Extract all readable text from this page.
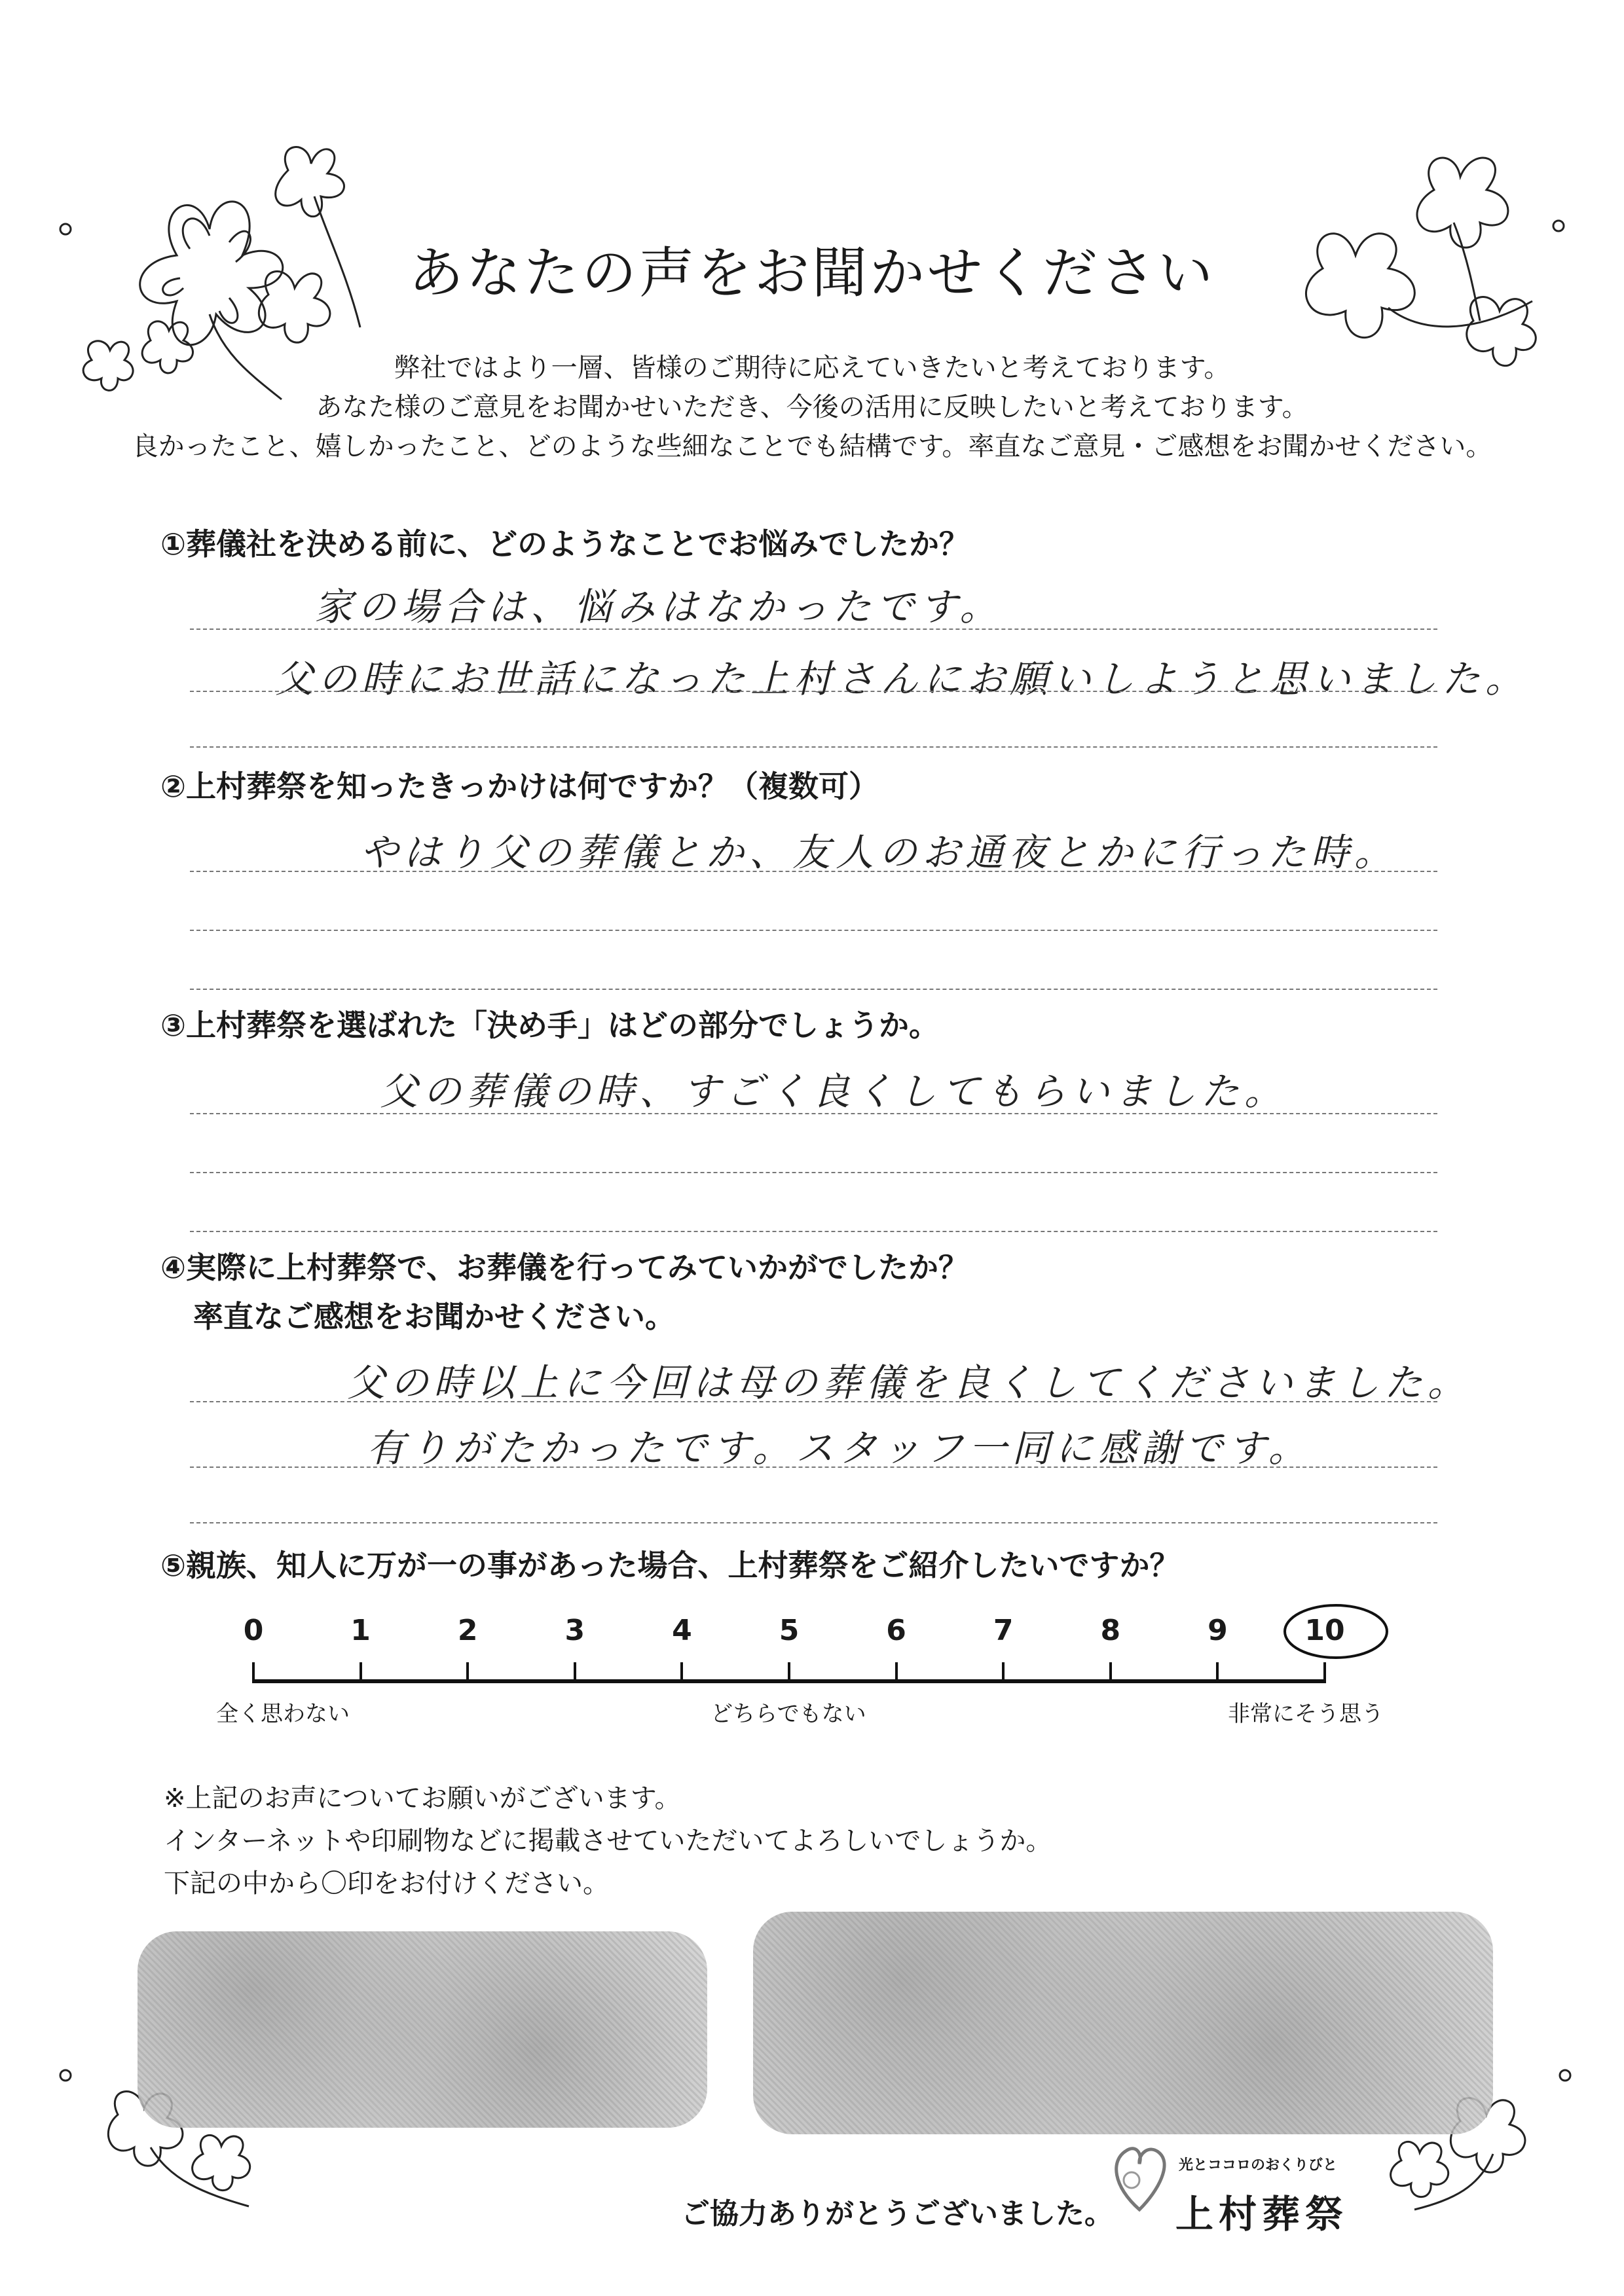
あなたの声をお聞かせください
弊社ではより一層、皆様のご期待に応えていきたいと考えております。
あなた様のご意見をお聞かせいただき、今後の活用に反映したいと考えております。
良かったこと、嬉しかったこと、どのような些細なことでも結構です。率直なご意見・ご感想をお聞かせください。
①葬儀社を決める前に、どのようなことでお悩みでしたか？
家の場合は、悩みはなかったです。
父の時にお世話になった上村さんにお願いしようと思いました。
②上村葬祭を知ったきっかけは何ですか？（複数可）
やはり父の葬儀とか、友人のお通夜とかに行った時。
③上村葬祭を選ばれた「決め手」はどの部分でしょうか。
父の葬儀の時、すごく良くしてもらいました。
④実際に上村葬祭で、お葬儀を行ってみていかがでしたか？
率直なご感想をお聞かせください。
父の時以上に今回は母の葬儀を良くしてくださいました。
有りがたかったです。スタッフ一同に感謝です。
⑤親族、知人に万が一の事があった場合、上村葬祭をご紹介したいですか？
0	1	2	3	4	5	6	7	8	9	10
全く思わない	どちらでもない	非常にそう思う
※上記のお声についてお願いがございます。
インターネットや印刷物などに掲載させていただいてよろしいでしょうか。
下記の中から〇印をお付けください。
ご協力ありがとうございました。
光とココロのおくりびと
上村葬祭
